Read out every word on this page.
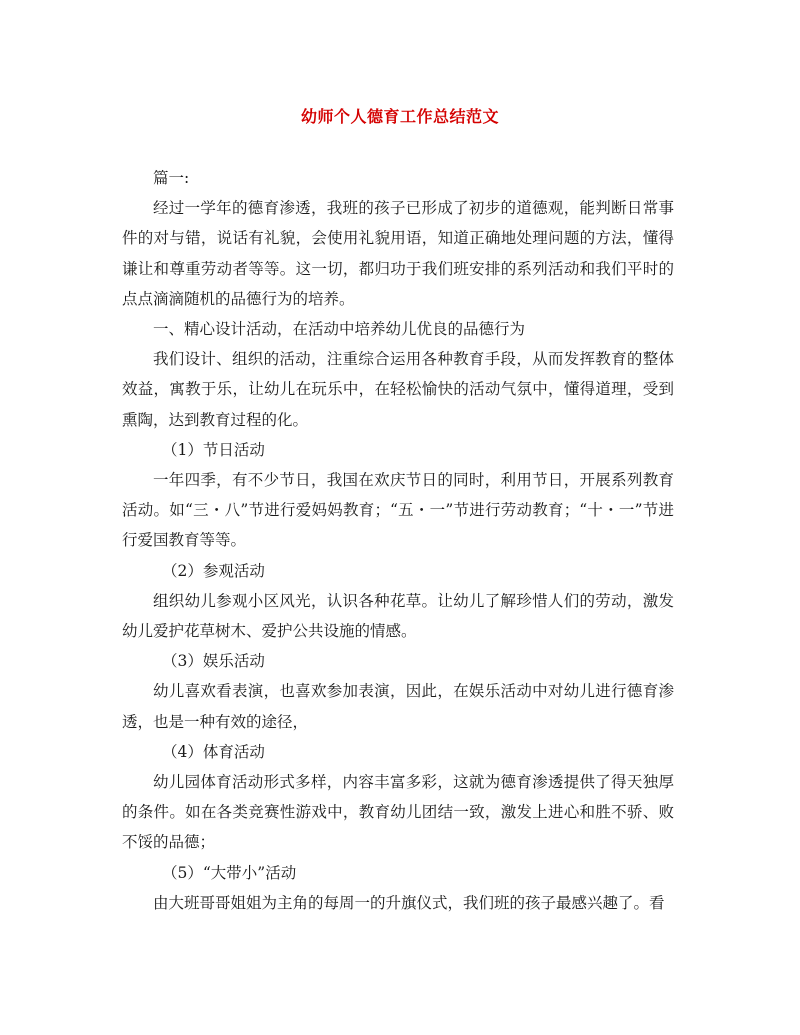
幼师个人德育工作总结范文

篇一:

经过一学年的德育渗透，我班的孩子已形成了初步的道德观，能判断日常事件的对与错，说话有礼貌，会使用礼貌用语，知道正确地处理问题的方法，懂得谦让和尊重劳动者等等。这一切，都归功于我们班安排的系列活动和我们平时的点点滴滴随机的品德行为的培养。

一、精心设计活动，在活动中培养幼儿优良的品德行为

我们设计、组织的活动，注重综合运用各种教育手段，从而发挥教育的整体效益，寓教于乐，让幼儿在玩乐中，在轻松愉快的活动气氛中，懂得道理，受到熏陶，达到教育过程的化。

（1）节日活动

一年四季，有不少节日，我国在欢庆节日的同时，利用节日，开展系列教育活动。如“三・八”节进行爱妈妈教育；“五・一”节进行劳动教育；“十・一”节进行爱国教育等等。

（2）参观活动

组织幼儿参观小区风光，认识各种花草。让幼儿了解珍惜人们的劳动，激发幼儿爱护花草树木、爱护公共设施的情感。

（3）娱乐活动

幼儿喜欢看表演，也喜欢参加表演，因此，在娱乐活动中对幼儿进行德育渗透，也是一种有效的途径，

（4）体育活动

幼儿园体育活动形式多样，内容丰富多彩，这就为德育渗透提供了得天独厚的条件。如在各类竞赛性游戏中，教育幼儿团结一致，激发上进心和胜不骄、败不馁的品德；

（5）“大带小”活动

由大班哥哥姐姐为主角的每周一的升旗仪式，我们班的孩子最感兴趣了。看
